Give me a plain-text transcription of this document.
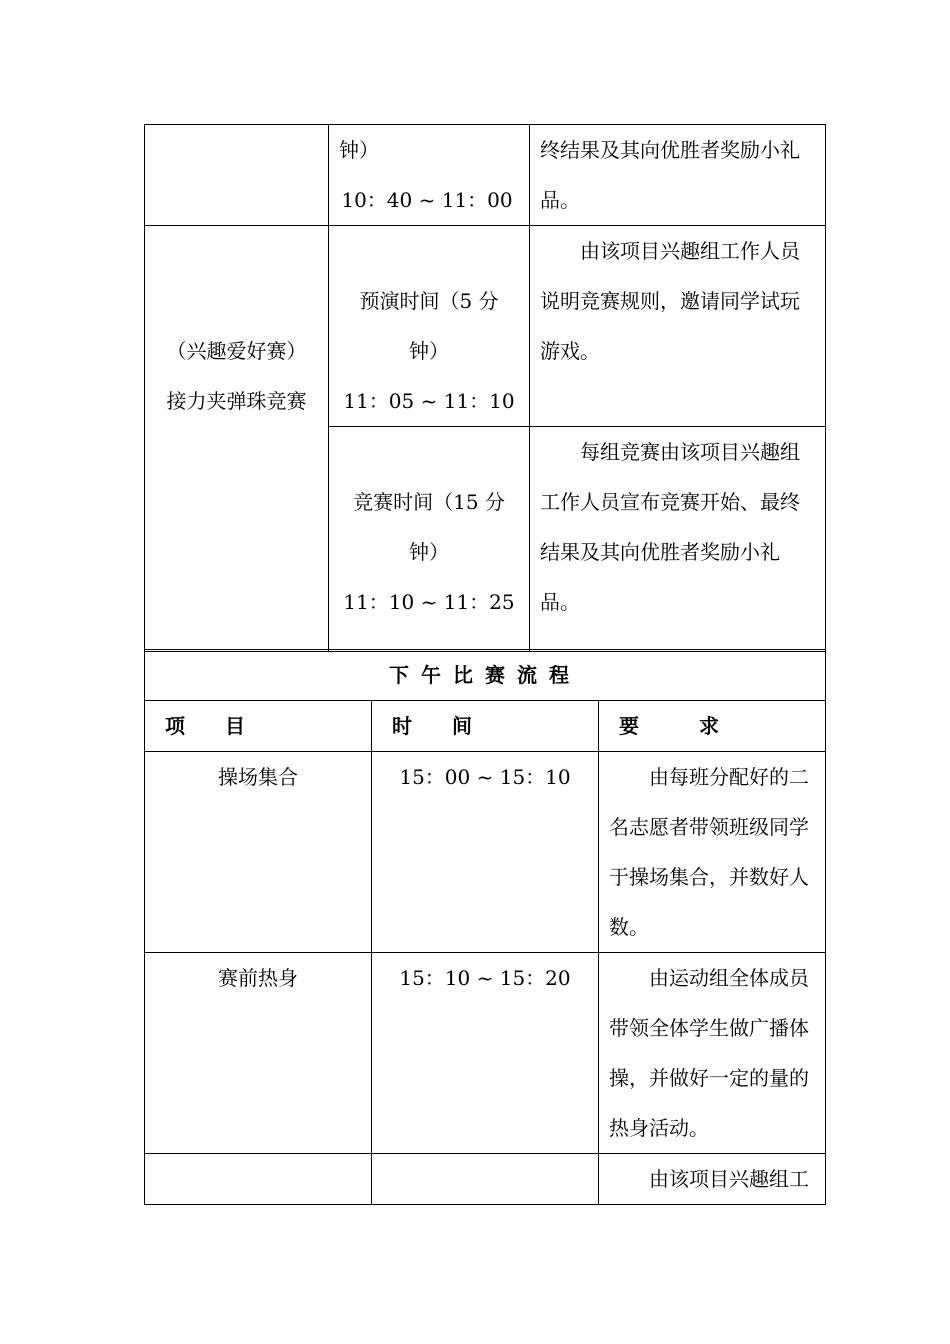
	钟）
10：40 ~ 11：00	终结果及其向优胜者奖励小礼品。

（兴趣爱好赛）
接力夹弹珠竞赛	预演时间（5 分
钟）
11：05 ~ 11：10	由该项目兴趣组工作人员说明竞赛规则，邀请同学试玩游戏。

	竞赛时间（15 分
钟）
11：10 ~ 11：25	每组竞赛由该项目兴趣组工作人员宣布竞赛开始、最终结果及其向优胜者奖励小礼品。
下午比赛流程		
项　　目	时　　间	要　　　求
操场集合	15：00 ~ 15：10	由每班分配好的二名志愿者带领班级同学于操场集合，并数好人数。
赛前热身	15：10 ~ 15：20	由运动组全体成员带领全体学生做广播体操，并做好一定的量的热身活动。
		由该项目兴趣组工
